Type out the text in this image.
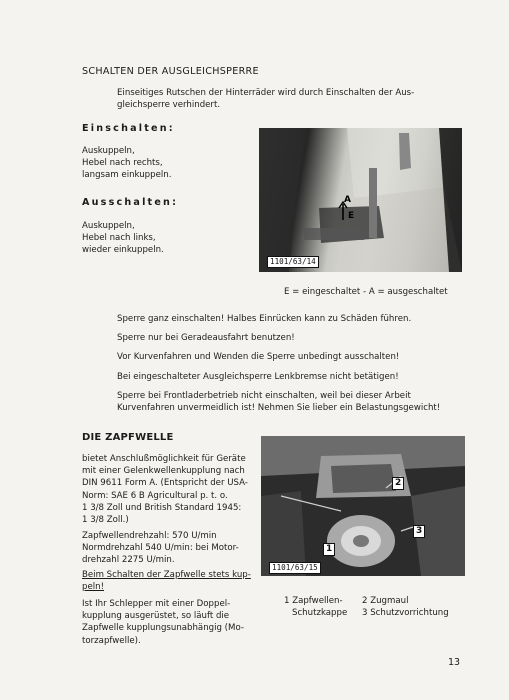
SCHALTEN DER AUSGLEICHSPERRE
Einseitiges Rutschen der Hinterräder wird durch Einschalten der Aus-
gleichsperre verhindert.
Einschalten:
Auskuppeln,
Hebel nach rechts,
langsam einkuppeln.
Ausschalten:
Auskuppeln,
Hebel nach links,
wieder einkuppeln.
A
E
1101/63/14
E = eingeschaltet - A = ausgeschaltet
Sperre ganz einschalten! Halbes Einrücken kann zu Schäden führen.
Sperre nur bei Geradeausfahrt benutzen!
Vor Kurvenfahren und Wenden die Sperre unbedingt ausschalten!
Bei eingeschalteter Ausgleichsperre Lenkbremse nicht betätigen!
Sperre bei Frontladerbetrieb nicht einschalten, weil bei dieser Arbeit
Kurvenfahren unvermeidlich ist! Nehmen Sie lieber ein Belastungsgewicht!
DIE ZAPFWELLE
bietet Anschlußmöglichkeit für Geräte
mit einer Gelenkwellenkupplung nach
DIN 9611 Form A. (Entspricht der USA-
Norm: SAE 6 B Agricultural p. t. o.
1 3/8 Zoll und British Standard 1945:
1 3/8 Zoll.)
Zapfwellendrehzahl: 570 U/min
Normdrehzahl 540 U/min: bei Motor-
drehzahl 2275 U/min.
Beim Schalten der Zapfwelle stets kup-
peln!
Ist Ihr Schlepper mit einer Doppel-
kupplung ausgerüstet, so läuft die
Zapfwelle kupplungsunabhängig (Mo-
torzapfwelle).
1
2
3
1101/63/15
1 Zapfwellen-
Schutzkappe
2 Zugmaul
3 Schutzvorrichtung
13
